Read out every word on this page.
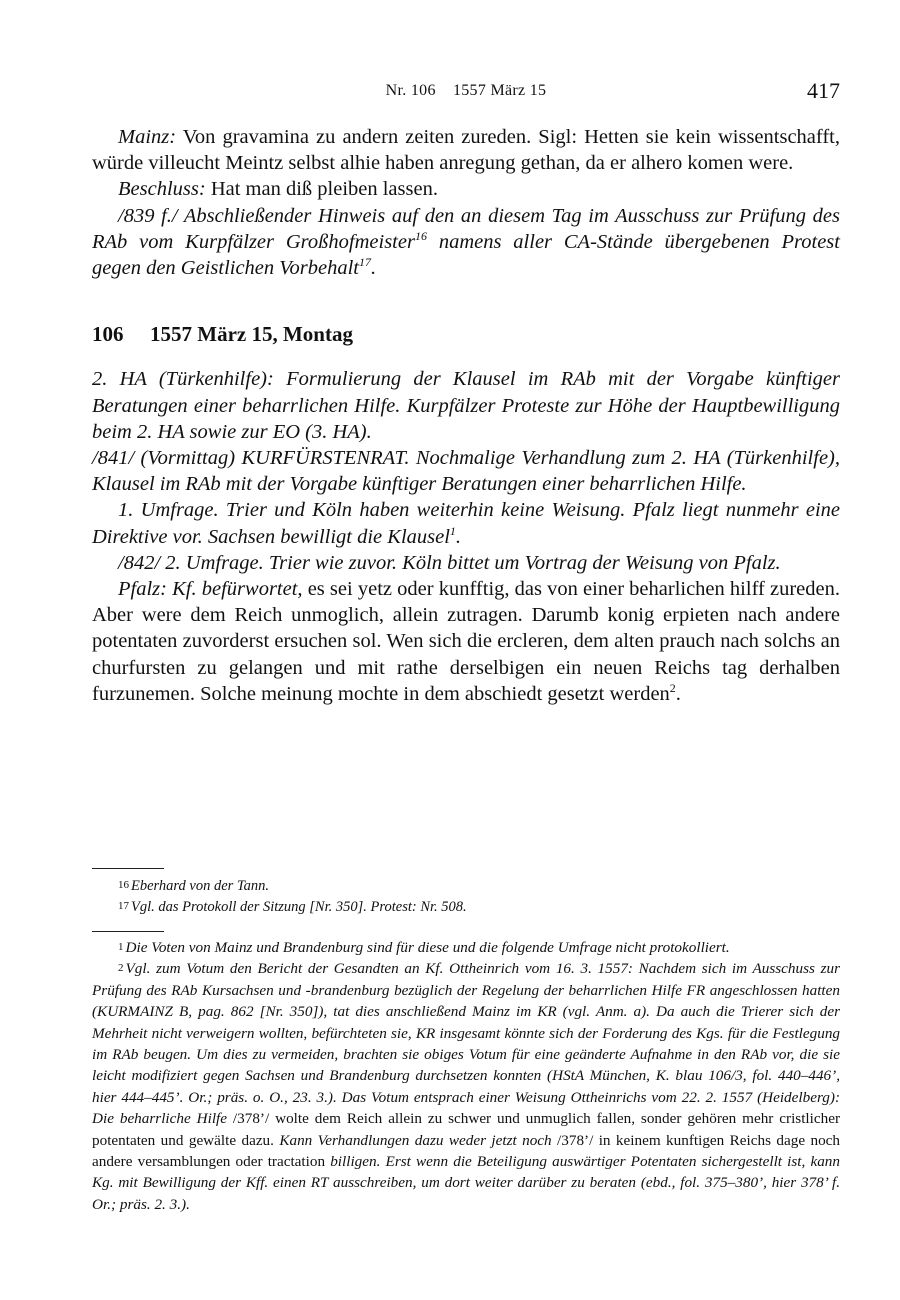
Nr. 106    1557 März 15	417

Mainz: Von gravamina zu andern zeiten zureden. Sigl: Hetten sie kein wissentschafft, würde villeucht Meintz selbst alhie haben anregung gethan, da er alhero komen were.

Beschluss: Hat man diß pleiben lassen.

/839 f./ Abschließender Hinweis auf den an diesem Tag im Ausschuss zur Prüfung des RAb vom Kurpfälzer Großhofmeister$^{16}$ namens aller CA-Stände übergebenen Protest gegen den Geistlichen Vorbehalt$^{17}$.

106	1557 März 15, Montag

2. HA (Türkenhilfe): Formulierung der Klausel im RAb mit der Vorgabe künftiger Beratungen einer beharrlichen Hilfe. Kurpfälzer Proteste zur Höhe der Hauptbewilligung beim 2. HA sowie zur EO (3. HA).

/841/ (Vormittag) KURFÜRSTENRAT. Nochmalige Verhandlung zum 2. HA (Türkenhilfe), Klausel im RAb mit der Vorgabe künftiger Beratungen einer beharrlichen Hilfe.

1. Umfrage. Trier und Köln haben weiterhin keine Weisung. Pfalz liegt nunmehr eine Direktive vor. Sachsen bewilligt die Klausel$^1$.

/842/ 2. Umfrage. Trier wie zuvor. Köln bittet um Vortrag der Weisung von Pfalz.

Pfalz: Kf. befürwortet, es sei yetz oder kunfftig, das von einer beharlichen hilff zureden. Aber were dem Reich unmoglich, allein zutragen. Darumb konig erpieten nach andere potentaten zuvorderst ersuchen sol. Wen sich die ercleren, dem alten prauch nach solchs an churfursten zu gelangen und mit rathe derselbigen ein neuen Reichs tag derhalben furzunemen. Solche meinung mochte in dem abschiedt gesetzt werden$^2$.

16 Eberhard von der Tann.

17 Vgl. das Protokoll der Sitzung [Nr. 350]. Protest: Nr. 508.

1 Die Voten von Mainz und Brandenburg sind für diese und die folgende Umfrage nicht protokolliert.

2 Vgl. zum Votum den Bericht der Gesandten an Kf. Ottheinrich vom 16. 3. 1557: Nachdem sich im Ausschuss zur Prüfung des RAb Kursachsen und -brandenburg bezüglich der Regelung der beharrlichen Hilfe FR angeschlossen hatten (KURMAINZ B, pag. 862 [Nr. 350]), tat dies anschließend Mainz im KR (vgl. Anm. a). Da auch die Trierer sich der Mehrheit nicht verweigern wollten, befürchteten sie, KR insgesamt könnte sich der Forderung des Kgs. für die Festlegung im RAb beugen. Um dies zu vermeiden, brachten sie obiges Votum für eine geänderte Aufnahme in den RAb vor, die sie leicht modifiziert gegen Sachsen und Brandenburg durchsetzen konnten (HStA München, K. blau 106/3, fol. 440–446’, hier 444–445’. Or.; präs. o. O., 23. 3.). Das Votum entsprach einer Weisung Ottheinrichs vom 22. 2. 1557 (Heidelberg): Die beharrliche Hilfe /378’/ wolte dem Reich allein zu schwer und unmuglich fallen, sonder gehören mehr cristlicher potentaten und gewälte dazu. Kann Verhandlungen dazu weder jetzt noch /378’/ in keinem kunftigen Reichs dage noch andere versamblungen oder tractation billigen. Erst wenn die Beteiligung auswärtiger Potentaten sichergestellt ist, kann Kg. mit Bewilligung der Kff. einen RT ausschreiben, um dort weiter darüber zu beraten (ebd., fol. 375–380’, hier 378’ f. Or.; präs. 2. 3.).
